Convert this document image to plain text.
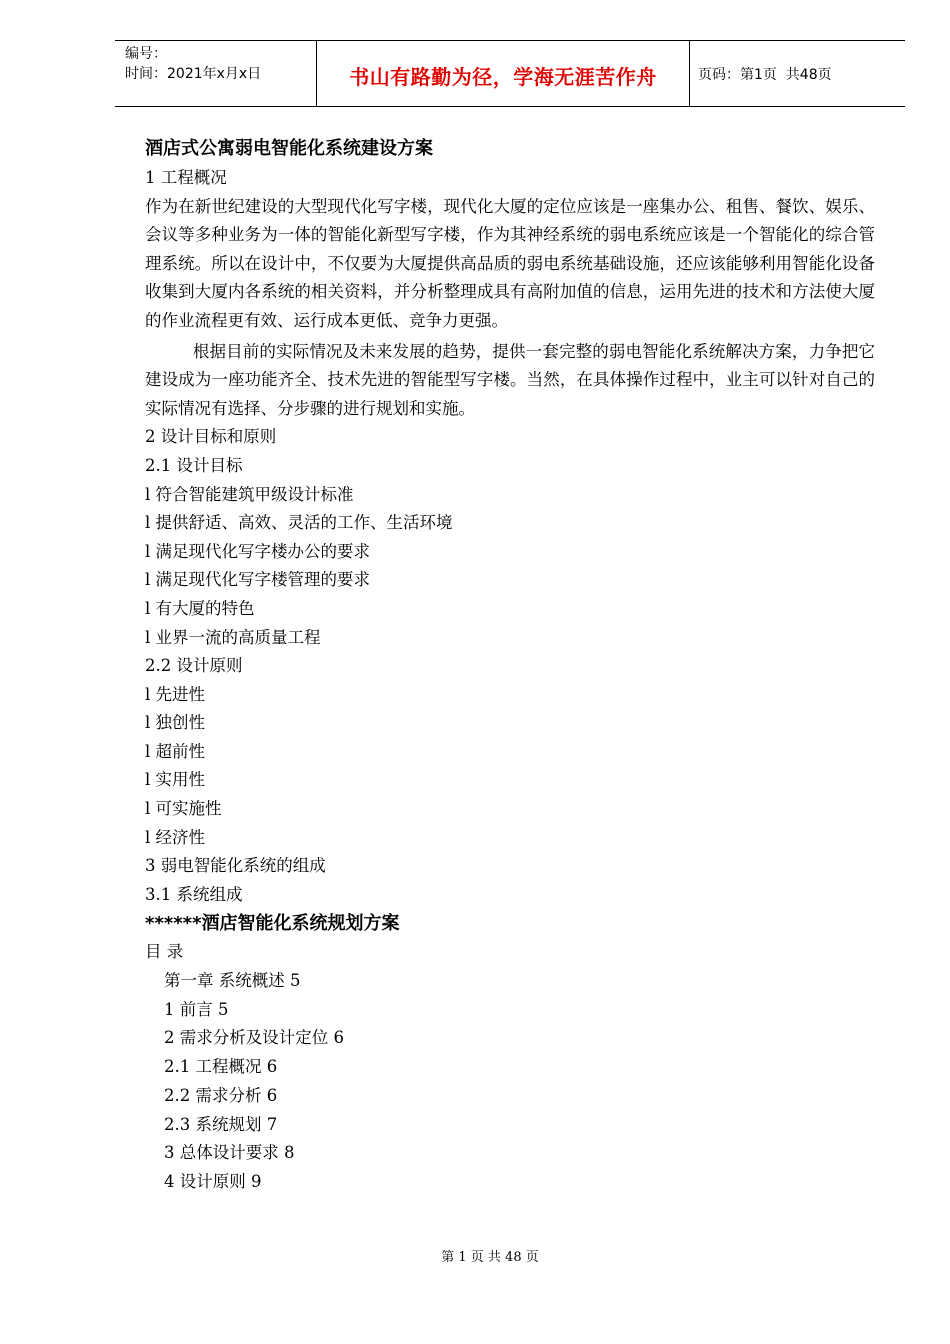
编号：
时间：2021年x月x日	书山有路勤为径，学海无涯苦作舟	页码：第1页  共48页

酒店式公寓弱电智能化系统建设方案

1 工程概况

作为在新世纪建设的大型现代化写字楼，现代化大厦的定位应该是一座集办公、租售、餐饮、娱乐、会议等多种业务为一体的智能化新型写字楼，作为其神经系统的弱电系统应该是一个智能化的综合管理系统。所以在设计中，不仅要为大厦提供高品质的弱电系统基础设施，还应该能够利用智能化设备收集到大厦内各系统的相关资料，并分析整理成具有高附加值的信息，运用先进的技术和方法使大厦的作业流程更有效、运行成本更低、竞争力更强。

根据目前的实际情况及未来发展的趋势，提供一套完整的弱电智能化系统解决方案，力争把它建设成为一座功能齐全、技术先进的智能型写字楼。当然，在具体操作过程中，业主可以针对自己的实际情况有选择、分步骤的进行规划和实施。

2 设计目标和原则

2.1 设计目标

l 符合智能建筑甲级设计标准

l 提供舒适、高效、灵活的工作、生活环境

l 满足现代化写字楼办公的要求

l 满足现代化写字楼管理的要求

l 有大厦的特色

l 业界一流的高质量工程

2.2 设计原则

l 先进性

l 独创性

l 超前性

l 实用性

l 可实施性

l 经济性

3 弱电智能化系统的组成

3.1 系统组成

******酒店智能化系统规划方案

目 录

第一章 系统概述 5

1 前言 5

2 需求分析及设计定位 6

2.1 工程概况 6

2.2 需求分析 6

2.3 系统规划 7

3 总体设计要求 8

4 设计原则 9

第 1 页 共 48 页
